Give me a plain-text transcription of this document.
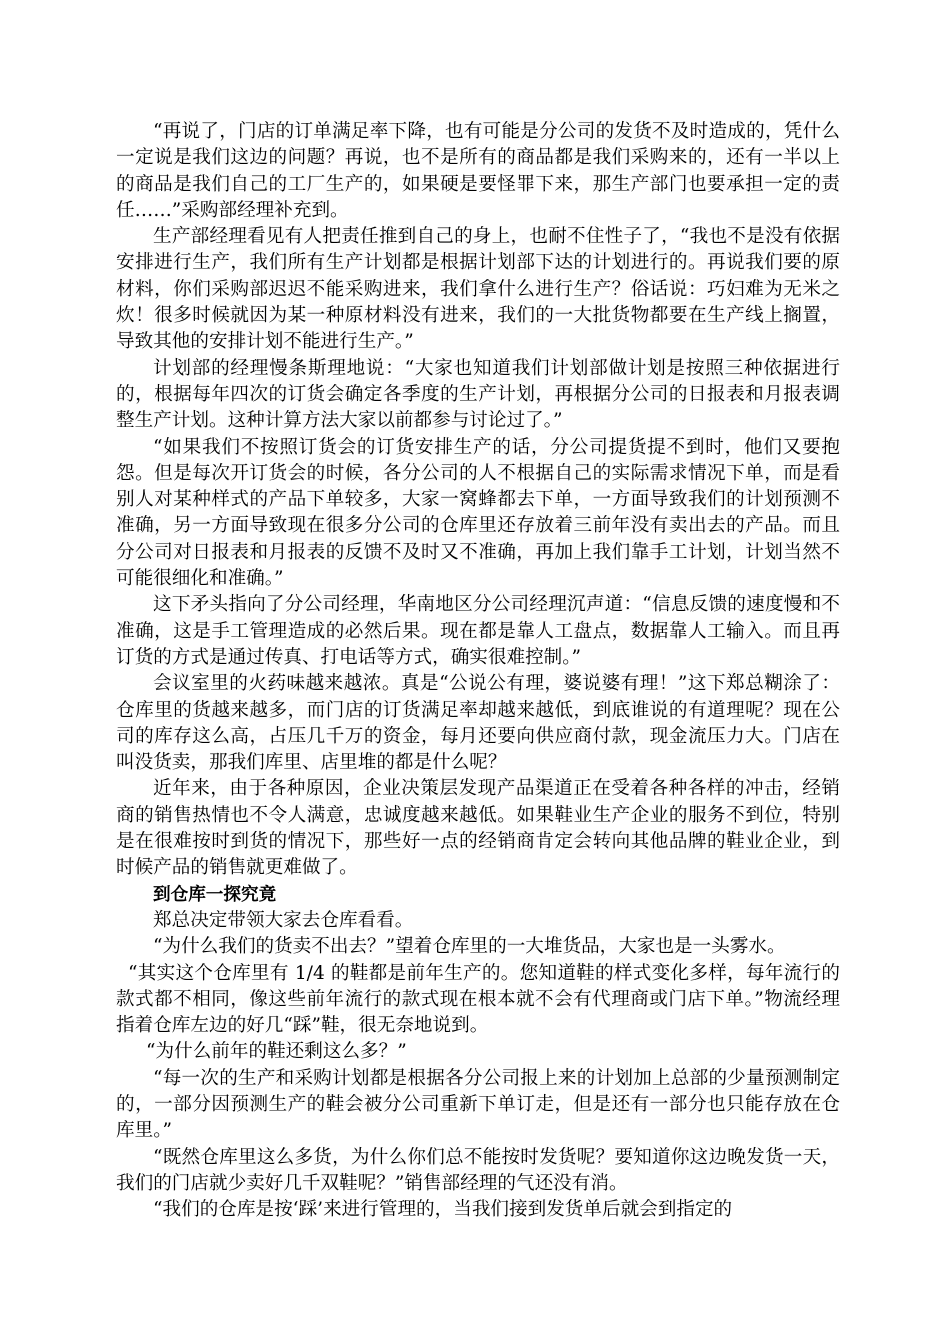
“再说了，门店的订单满足率下降，也有可能是分公司的发货不及时造成的，凭什么一定说是我们这边的问题？再说，也不是所有的商品都是我们采购来的，还有一半以上的商品是我们自己的工厂生产的，如果硬是要怪罪下来，那生产部门也要承担一定的责任……”采购部经理补充到。

生产部经理看见有人把责任推到自己的身上，也耐不住性子了，“我也不是没有依据安排进行生产，我们所有生产计划都是根据计划部下达的计划进行的。再说我们要的原材料，你们采购部迟迟不能采购进来，我们拿什么进行生产？俗话说：巧妇难为无米之炊！很多时候就因为某一种原材料没有进来，我们的一大批货物都要在生产线上搁置，导致其他的安排计划不能进行生产。”

计划部的经理慢条斯理地说：“大家也知道我们计划部做计划是按照三种依据进行的，根据每年四次的订货会确定各季度的生产计划，再根据分公司的日报表和月报表调整生产计划。这种计算方法大家以前都参与讨论过了。”

“如果我们不按照订货会的订货安排生产的话，分公司提货提不到时，他们又要抱怨。但是每次开订货会的时候，各分公司的人不根据自己的实际需求情况下单，而是看别人对某种样式的产品下单较多，大家一窝蜂都去下单，一方面导致我们的计划预测不准确，另一方面导致现在很多分公司的仓库里还存放着三前年没有卖出去的产品。而且分公司对日报表和月报表的反馈不及时又不准确，再加上我们靠手工计划，计划当然不可能很细化和准确。”

这下矛头指向了分公司经理，华南地区分公司经理沉声道：“信息反馈的速度慢和不准确，这是手工管理造成的必然后果。现在都是靠人工盘点，数据靠人工输入。而且再订货的方式是通过传真、打电话等方式，确实很难控制。”

会议室里的火药味越来越浓。真是“公说公有理，婆说婆有理！”这下郑总糊涂了：仓库里的货越来越多，而门店的订货满足率却越来越低，到底谁说的有道理呢？现在公司的库存这么高，占压几千万的资金，每月还要向供应商付款，现金流压力大。门店在叫没货卖，那我们库里、店里堆的都是什么呢？

近年来，由于各种原因，企业决策层发现产品渠道正在受着各种各样的冲击，经销商的销售热情也不令人满意，忠诚度越来越低。如果鞋业生产企业的服务不到位，特别是在很难按时到货的情况下，那些好一点的经销商肯定会转向其他品牌的鞋业企业，到时候产品的销售就更难做了。

到仓库一探究竟

郑总决定带领大家去仓库看看。

“为什么我们的货卖不出去？”望着仓库里的一大堆货品，大家也是一头雾水。

“其实这个仓库里有 1/4 的鞋都是前年生产的。您知道鞋的样式变化多样，每年流行的款式都不相同，像这些前年流行的款式现在根本就不会有代理商或门店下单。”物流经理指着仓库左边的好几“踩”鞋，很无奈地说到。

“为什么前年的鞋还剩这么多？”

“每一次的生产和采购计划都是根据各分公司报上来的计划加上总部的少量预测制定的，一部分因预测生产的鞋会被分公司重新下单订走，但是还有一部分也只能存放在仓库里。”

“既然仓库里这么多货，为什么你们总不能按时发货呢？要知道你这边晚发货一天，我们的门店就少卖好几千双鞋呢？”销售部经理的气还没有消。

“我们的仓库是按‘踩’来进行管理的，当我们接到发货单后就会到指定的
